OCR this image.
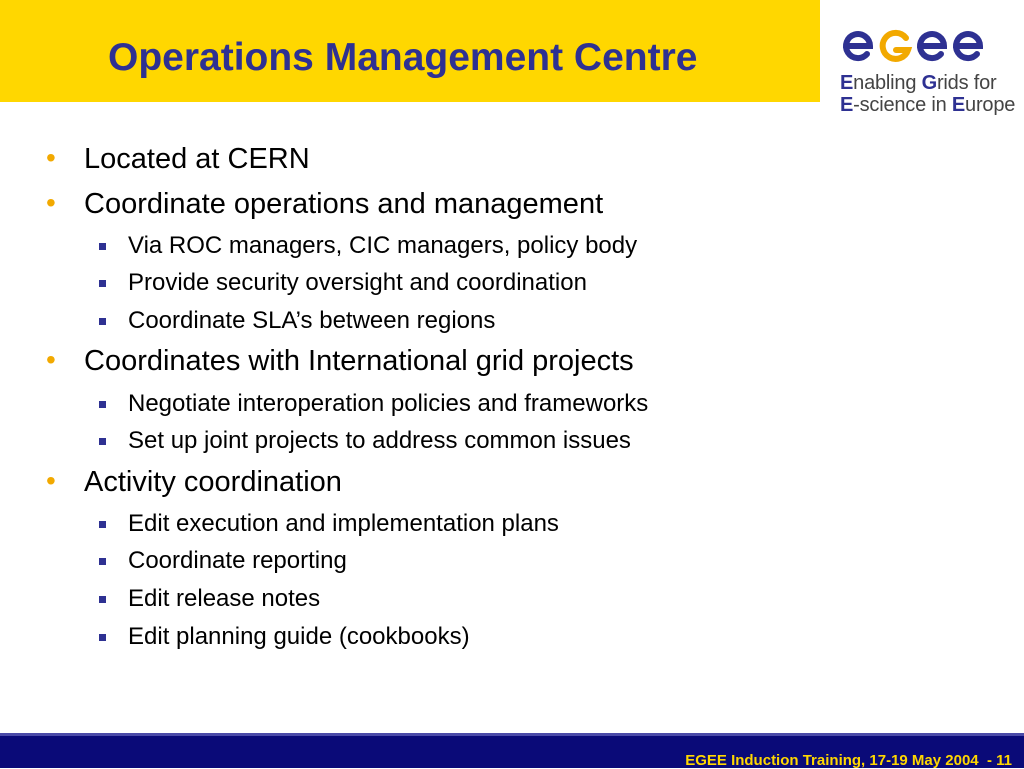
Operations Management Centre
Enabling Grids for
E-science in Europe
• Located at CERN
• Coordinate operations and management
Via ROC managers, CIC managers, policy body
Provide security oversight and coordination
Coordinate SLA’s between regions
• Coordinates with International grid projects
Negotiate interoperation policies and frameworks
Set up joint projects to address common issues
• Activity coordination
Edit execution and implementation plans
Coordinate reporting
Edit release notes
Edit planning guide (cookbooks)
EGEE Induction Training, 17-19 May 2004  - 11
